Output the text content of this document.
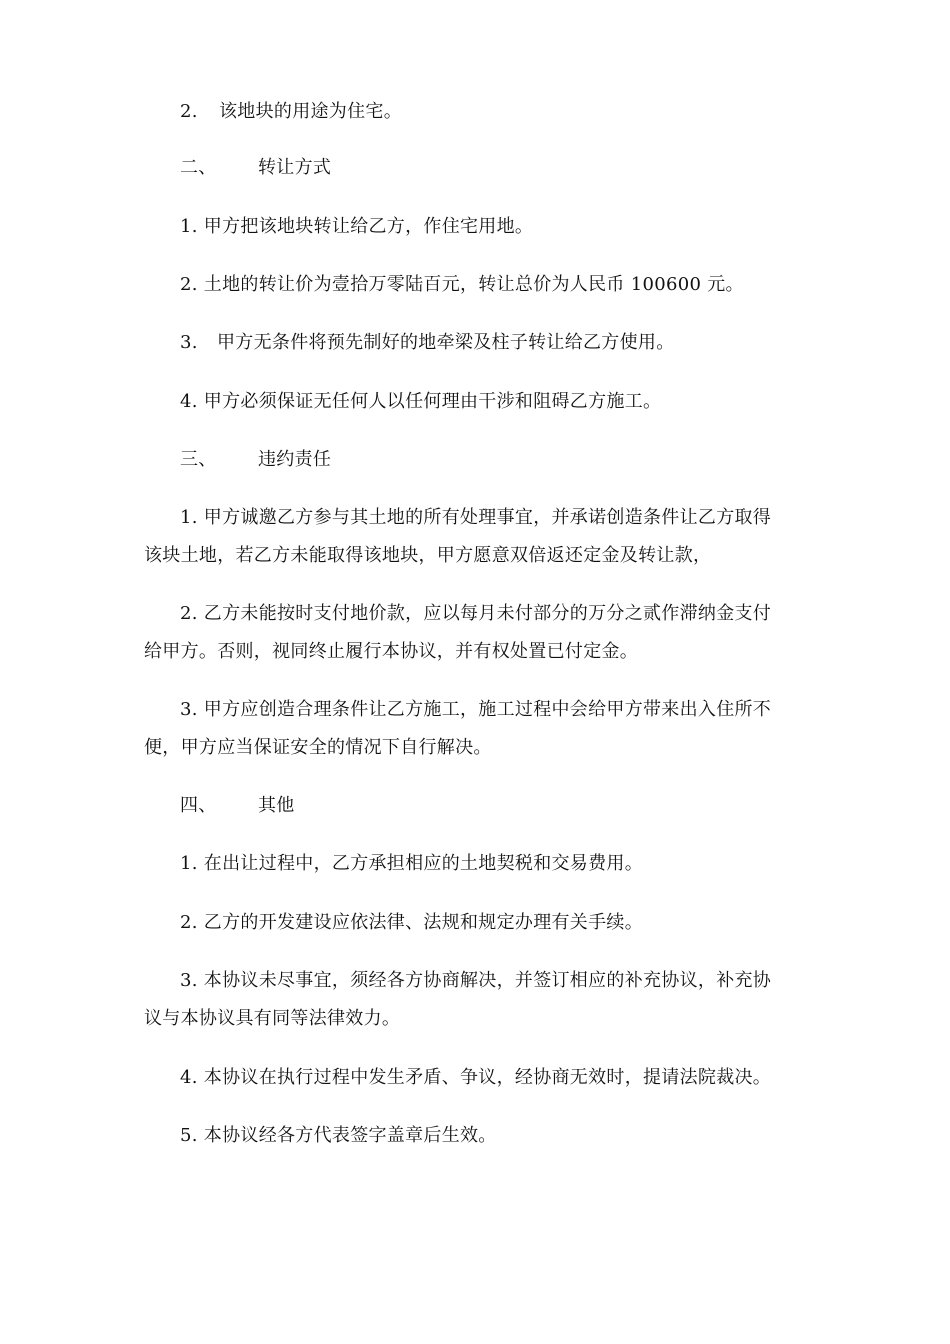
2. 该地块的用途为住宅。
二、 转让方式
1. 甲方把该地块转让给乙方，作住宅用地。
2. 土地的转让价为壹拾万零陆百元，转让总价为人民币 100600 元。
3. 甲方无条件将预先制好的地牵梁及柱子转让给乙方使用。
4. 甲方必须保证无任何人以任何理由干涉和阻碍乙方施工。
三、 违约责任
1. 甲方诚邀乙方参与其土地的所有处理事宜，并承诺创造条件让乙方取得
该块土地，若乙方未能取得该地块，甲方愿意双倍返还定金及转让款，
2. 乙方未能按时支付地价款，应以每月未付部分的万分之贰作滞纳金支付
给甲方。否则，视同终止履行本协议，并有权处置已付定金。
3. 甲方应创造合理条件让乙方施工，施工过程中会给甲方带来出入住所不
便，甲方应当保证安全的情况下自行解决。
四、 其他
1. 在出让过程中，乙方承担相应的土地契税和交易费用。
2. 乙方的开发建设应依法律、法规和规定办理有关手续。
3. 本协议未尽事宜，须经各方协商解决，并签订相应的补充协议，补充协
议与本协议具有同等法律效力。
4. 本协议在执行过程中发生矛盾、争议，经协商无效时，提请法院裁决。
5. 本协议经各方代表签字盖章后生效。
